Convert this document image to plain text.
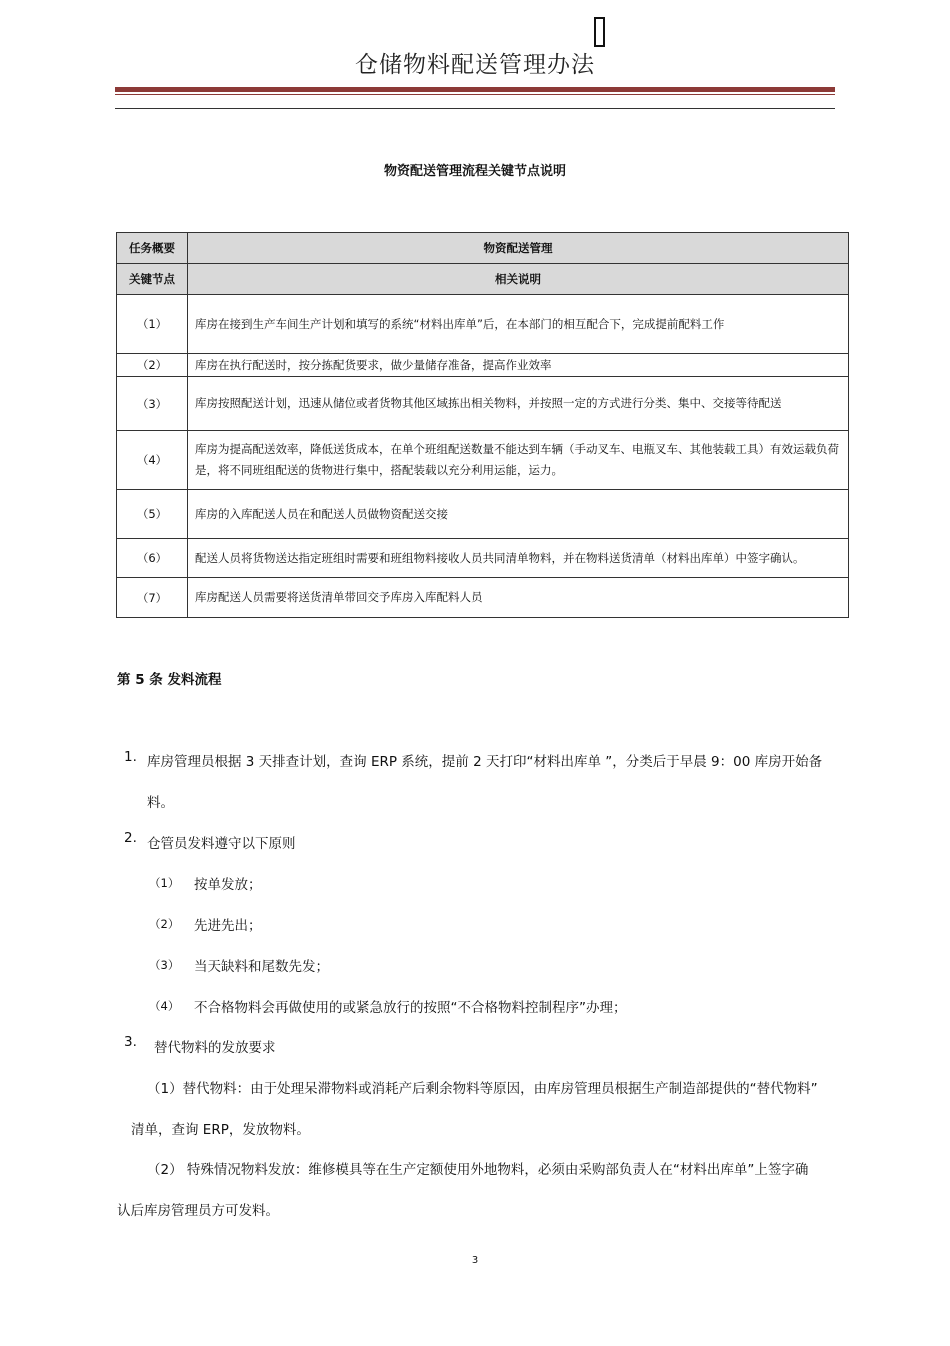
仓储物料配送管理办法
物资配送管理流程关键节点说明
任务概要	物资配送管理
关键节点	相关说明
（1）	库房在接到生产车间生产计划和填写的系统“材料出库单”后，在本部门的相互配合下，完成提前配料工作
（2）	库房在执行配送时，按分拣配货要求，做少量储存准备，提高作业效率
（3）	库房按照配送计划，迅速从储位或者货物其他区域拣出相关物料，并按照一定的方式进行分类、集中、交接等待配送
（4）	库房为提高配送效率，降低送货成本，在单个班组配送数量不能达到车辆（手动叉车、电瓶叉车、其他装载工具）有效运载负荷是，将不同班组配送的货物进行集中，搭配装载以充分利用运能，运力。
（5）	库房的入库配送人员在和配送人员做物资配送交接
（6）	配送人员将货物送达指定班组时需要和班组物料接收人员共同清单物料，并在物料送货清单（材料出库单）中签字确认。
（7）	库房配送人员需要将送货清单带回交予库房入库配料人员
第 5 条 发料流程
1. 库房管理员根据 3 天排查计划，查询 ERP 系统，提前 2 天打印“材料出库单 ”，分类后于早晨 9：00 库房开始备
料。
2. 仓管员发料遵守以下原则
（1） 按单发放；
（2） 先进先出；
（3） 当天缺料和尾数先发；
（4） 不合格物料会再做使用的或紧急放行的按照“不合格物料控制程序”办理；
3. 替代物料的发放要求
（1）替代物料：由于处理呆滞物料或消耗产后剩余物料等原因，由库房管理员根据生产制造部提供的“替代物料”
清单，查询 ERP，发放物料。
（2） 特殊情况物料发放：维修模具等在生产定额使用外地物料，必须由采购部负责人在“材料出库单”上签字确
认后库房管理员方可发料。
3
